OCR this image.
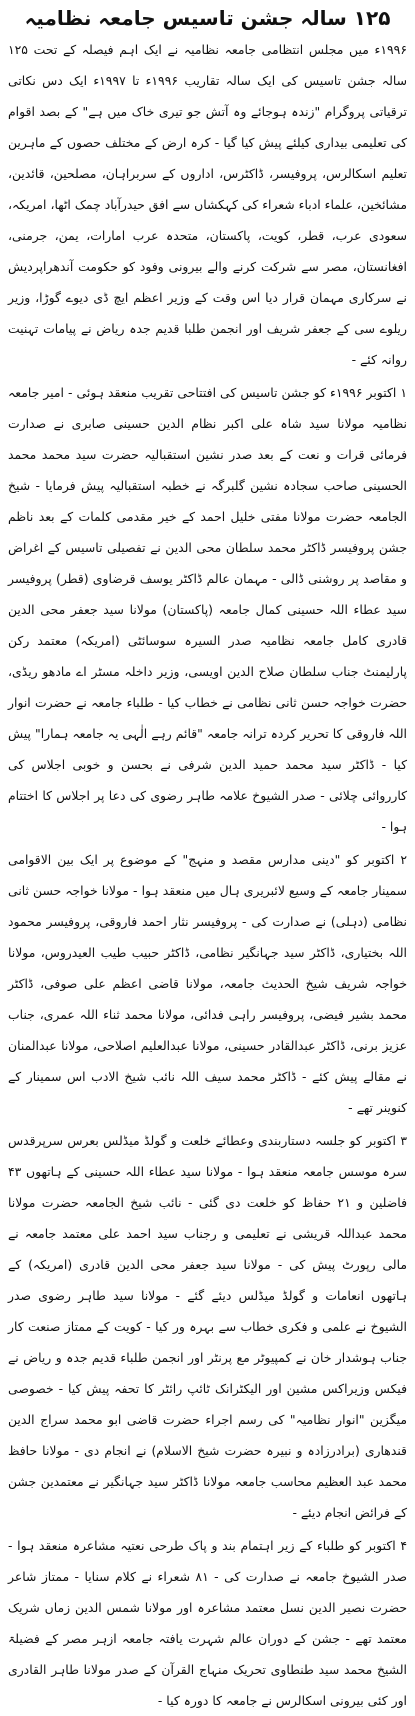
۱۲۵ سالہ جشن تاسیس جامعہ نظامیہ

۱۹۹۶ء میں مجلس انتظامی جامعہ نظامیہ نے ایک اہم فیصلہ کے تحت ۱۲۵ سالہ جشن تاسیس کی ایک سالہ تقاریب ۱۹۹۶ء تا ۱۹۹۷ء ایک دس نکاتی ترقیاتی پروگرام "زندہ ہوجائے وہ آتش جو تیری خاک میں ہے" کے بصد اقوام کی تعلیمی بیداری کیلئے پیش کیا گیا - کرہ ارض کے مختلف حصوں کے ماہرین تعلیم اسکالرس، پروفیسر، ڈاکٹرس، اداروں کے سربراہان، مصلحین، قائدین، مشائخین، علماء ادباء شعراء کی کہکشاں سے افق حیدرآباد چمک اٹھا، امریکہ، سعودی عرب، قطر، کویت، پاکستان، متحدہ عرب امارات، یمن، جرمنی، افغانستان، مصر سے شرکت کرنے والے بیرونی وفود کو حکومت آندھراپردیش نے سرکاری مہمان قرار دیا اس وقت کے وزیر اعظم ایچ ڈی دیوے گوڑا، وزیر ریلوے سی کے جعفر شریف اور انجمن طلبا قدیم جدہ ریاض نے پیامات تہنیت روانہ کئے -

۱ اکتوبر ۱۹۹۶ء کو جشن تاسیس کی افتتاحی تقریب منعقد ہوئی - امیر جامعہ نظامیہ مولانا سید شاہ علی اکبر نظام الدین حسینی صابری نے صدارت فرمائی قرات و نعت کے بعد صدر نشین استقبالیہ حضرت سید محمد محمد الحسینی صاحب سجادہ نشین گلبرگہ نے خطبہ استقبالیہ پیش فرمایا - شیخ الجامعہ حضرت مولانا مفتی خلیل احمد کے خیر مقدمی کلمات کے بعد ناظم جشن پروفیسر ڈاکٹر محمد سلطان محی الدین نے تفصیلی تاسیس کے اغراض و مقاصد پر روشنی ڈالی - مہمان عالم ڈاکٹر یوسف قرضاوی (قطر) پروفیسر سید عطاء اللہ حسینی کمال جامعہ (پاکستان) مولانا سید جعفر محی الدین قادری کامل جامعہ نظامیہ صدر السیرہ سوسائٹی (امریکہ) معتمد رکن پارلیمنٹ جناب سلطان صلاح الدین اویسی، وزیر داخلہ مسٹر اے مادھو ریڈی، حضرت خواجہ حسن ثانی نظامی نے خطاب کیا - طلباء جامعہ نے حضرت انوار اللہ فاروقی کا تحریر کردہ ترانہ جامعہ "قائم رہے الٰہی یہ جامعہ ہمارا" پیش کیا - ڈاکٹر سید محمد حمید الدین شرفی نے بحسن و خوبی اجلاس کی کارروائی چلائی - صدر الشیوخ علامہ طاہر رضوی کی دعا پر اجلاس کا اختتام ہوا -

۲ اکتوبر کو "دینی مدارس مقصد و منہج" کے موضوع پر ایک بین الاقوامی سمینار جامعہ کے وسیع لائبریری ہال میں منعقد ہوا - مولانا خواجہ حسن ثانی نظامی (دہلی) نے صدارت کی - پروفیسر نثار احمد فاروقی، پروفیسر محمود اللہ بختیاری، ڈاکٹر سید جہانگیر نظامی، ڈاکٹر حبیب طیب العیدروس، مولانا خواجہ شریف شیخ الحدیث جامعہ، مولانا قاضی اعظم علی صوفی، ڈاکٹر محمد بشیر فیضی، پروفیسر راہی فدائی، مولانا محمد ثناء اللہ عمری، جناب عزیز برنی، ڈاکٹر عبدالقادر حسینی، مولانا عبدالعلیم اصلاحی، مولانا عبدالمنان نے مقالے پیش کئے - ڈاکٹر محمد سیف اللہ نائب شیخ الادب اس سمینار کے کنوینر تھے -

۳ اکتوبر کو جلسہ دستاربندی وعطائے خلعت و گولڈ میڈلس بعرس سرپرقدس سرہ موسس جامعہ منعقد ہوا - مولانا سید عطاء اللہ حسینی کے ہاتھوں ۴۳ فاضلین و ۲۱ حفاظ کو خلعت دی گئی - نائب شیخ الجامعہ حضرت مولانا محمد عبداللہ قریشی نے تعلیمی و رجناب سید احمد علی معتمد جامعہ نے مالی رپورٹ پیش کی - مولانا سید جعفر محی الدین قادری (امریکہ) کے ہاتھوں انعامات و گولڈ میڈلس دیئے گئے - مولانا سید طاہر رضوی صدر الشیوخ نے علمی و فکری خطاب سے بہرہ ور کیا - کویت کے ممتاز صنعت کار جناب ہوشدار خان نے کمپیوٹر مع پرنٹر اور انجمن طلباء قدیم جدہ و ریاض نے فیکس وزیراکس مشین اور الیکٹرانک ٹائپ رائٹر کا تحفہ پیش کیا - خصوصی میگزین "انوار نظامیہ" کی رسم اجراء حضرت قاضی ابو محمد سراج الدین قندھاری (برادرزادہ و نبیرہ حضرت شیخ الاسلام) نے انجام دی - مولانا حافظ محمد عبد العظیم محاسب جامعہ مولانا ڈاکٹر سید جہانگیر نے معتمدین جشن کے فرائض انجام دیئے -

۴ اکتوبر کو طلباء کے زیر اہتمام بند و پاک طرحی نعتیہ مشاعرہ منعقد ہوا - صدر الشیوخ جامعہ نے صدارت کی - ۸۱ شعراء نے کلام سنایا - ممتاز شاعر حضرت نصیر الدین نسل معتمد مشاعرہ اور مولانا شمس الدین زماں شریک معتمد تھے - جشن کے دوران عالم شہرت یافتہ جامعہ ازہر مصر کے فضیلۃ الشیخ محمد سید طنطاوی تحریک منہاج القرآن کے صدر مولانا طاہر القادری اور کئی بیرونی اسکالرس نے جامعہ کا دورہ کیا -
